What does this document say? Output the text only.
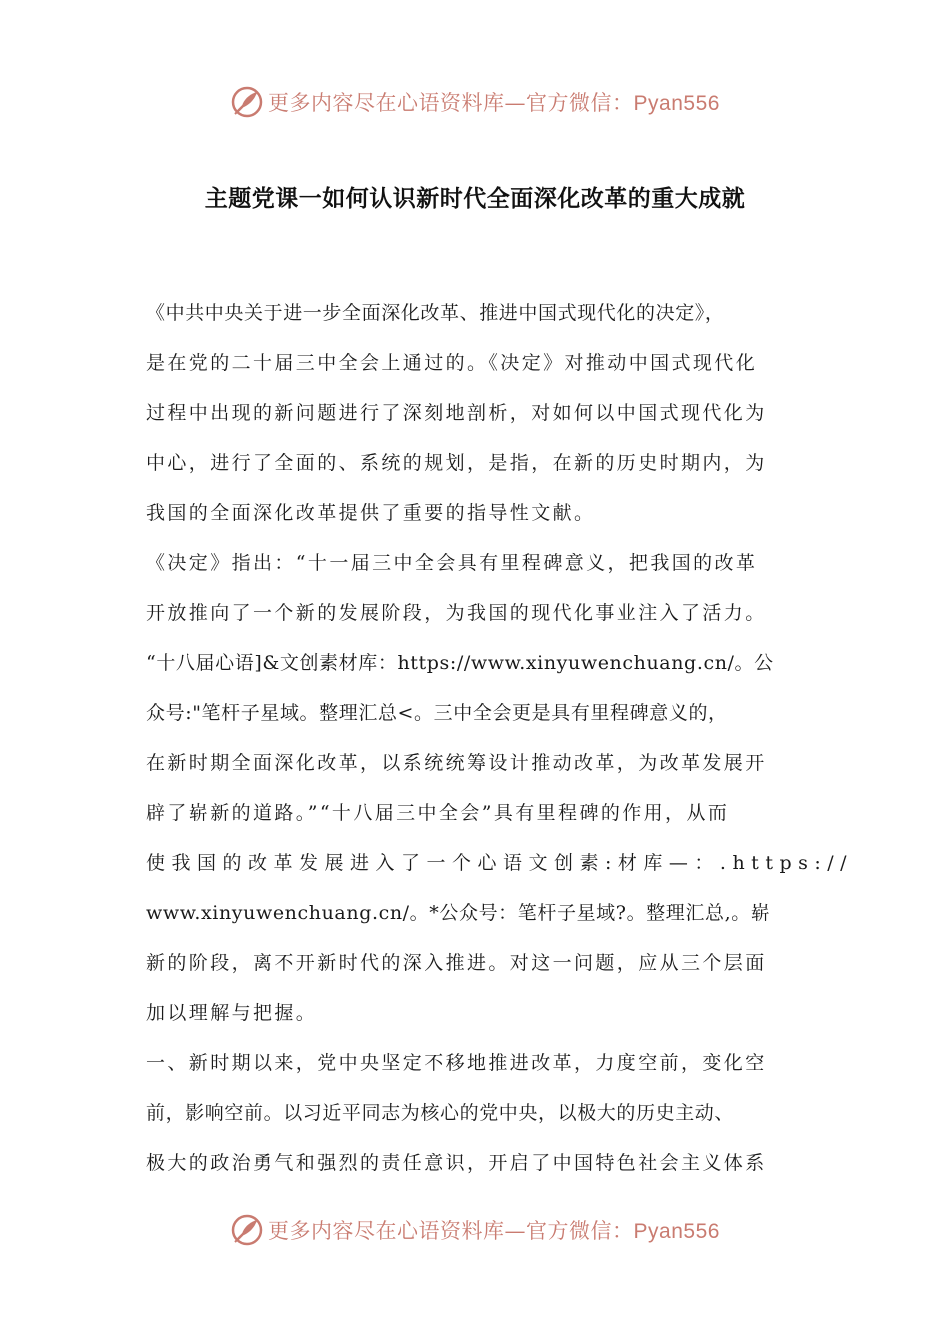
更多内容尽在心语资料库—官方微信：Pyan556
主题党课一如何认识新时代全面深化改革的重大成就
《中共中央关于进一步全面深化改革、推进中国式现代化的决定》，
是在党的二十届三中全会上通过的。《决定》对推动中国式现代化
过程中出现的新问题进行了深刻地剖析，对如何以中国式现代化为
中心，进行了全面的、系统的规划，是指，在新的历史时期内，为
我国的全面深化改革提供了重要的指导性文献。
《决定》指出：“十一届三中全会具有里程碑意义，把我国的改革
开放推向了一个新的发展阶段，为我国的现代化事业注入了活力。
“十八届心语]&文创素材库：https://www.xinyuwenchuang.cn/。公
众号:"笔杆子星域。整理汇总<。三中全会更是具有里程碑意义的，
在新时期全面深化改革，以系统统筹设计推动改革，为改革发展开
辟了崭新的道路。”“十八届三中全会”具有里程碑的作用，从而
使我国的改革发展进入了一个心语文创素:材库—：.https://
www.xinyuwenchuang.cn/。*公众号：笔杆子星域?。整理汇总,。崭
新的阶段，离不开新时代的深入推进。对这一问题，应从三个层面
加以理解与把握。
一、新时期以来，党中央坚定不移地推进改革，力度空前，变化空
前，影响空前。以习近平同志为核心的党中央，以极大的历史主动、
极大的政治勇气和强烈的责任意识，开启了中国特色社会主义体系
更多内容尽在心语资料库—官方微信：Pyan556
